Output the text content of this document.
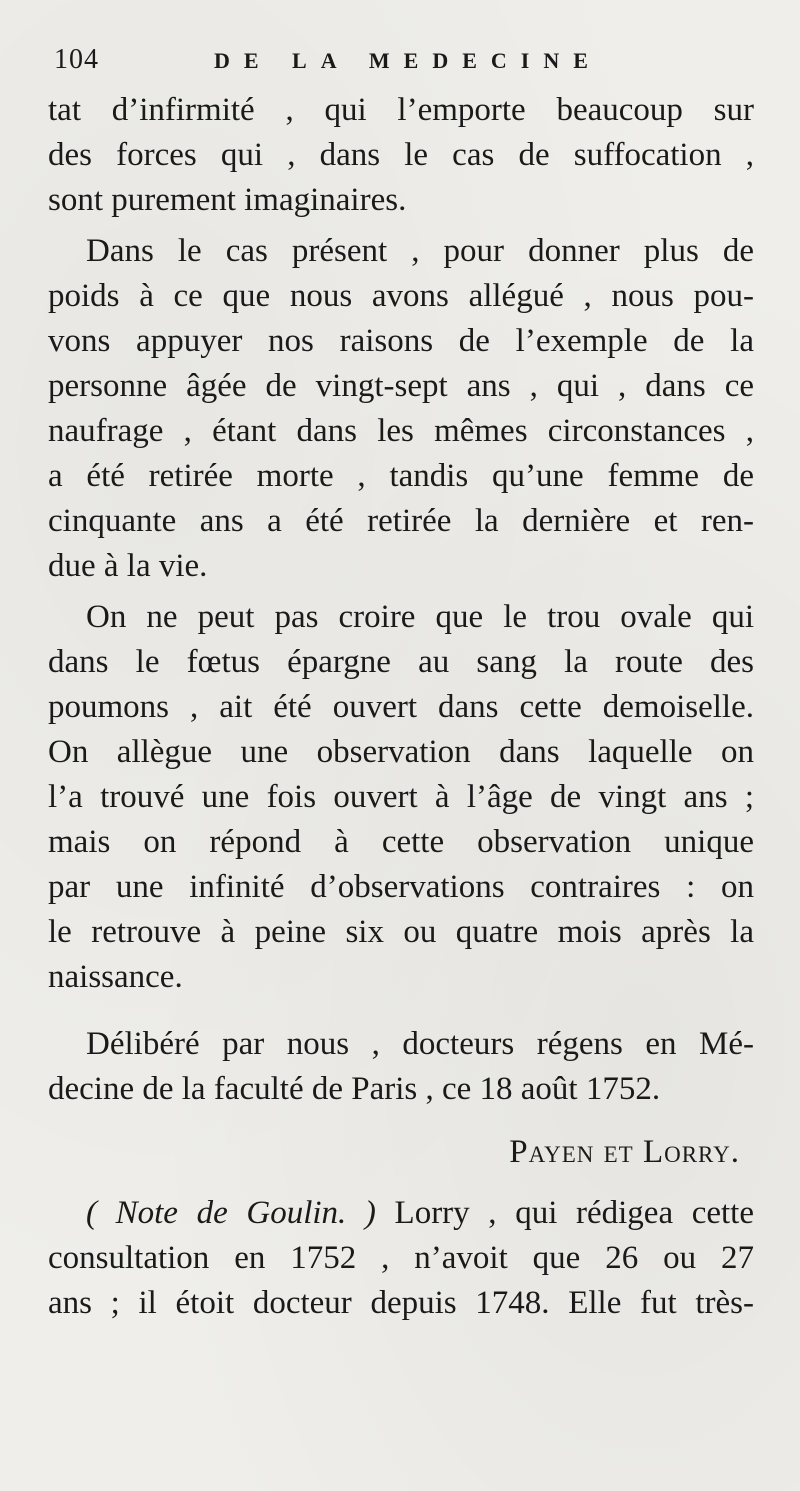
104	DE LA MEDECINE
tat d’infirmité , qui l’emporte beaucoup sur
des forces qui , dans le cas de suffocation ,
sont purement imaginaires.
Dans le cas présent , pour donner plus de
poids à ce que nous avons allégué , nous pou-
vons appuyer nos raisons de l’exemple de la
personne âgée de vingt-sept ans , qui , dans ce
naufrage , étant dans les mêmes circonstances ,
a été retirée morte , tandis qu’une femme de
cinquante ans a été retirée la dernière et ren-
due à la vie.
On ne peut pas croire que le trou ovale qui
dans le fœtus épargne au sang la route des
poumons , ait été ouvert dans cette demoiselle.
On allègue une observation dans laquelle on
l’a trouvé une fois ouvert à l’âge de vingt ans ;
mais on répond à cette observation unique
par une infinité d’observations contraires : on
le retrouve à peine six ou quatre mois après la
naissance.
Délibéré par nous , docteurs régens en Mé-
decine de la faculté de Paris , ce 18 août 1752.
Payen et Lorry.
( Note de Goulin. ) Lorry , qui rédigea cette
consultation en 1752 , n’avoit que 26 ou 27
ans ; il étoit docteur depuis 1748. Elle fut très-
